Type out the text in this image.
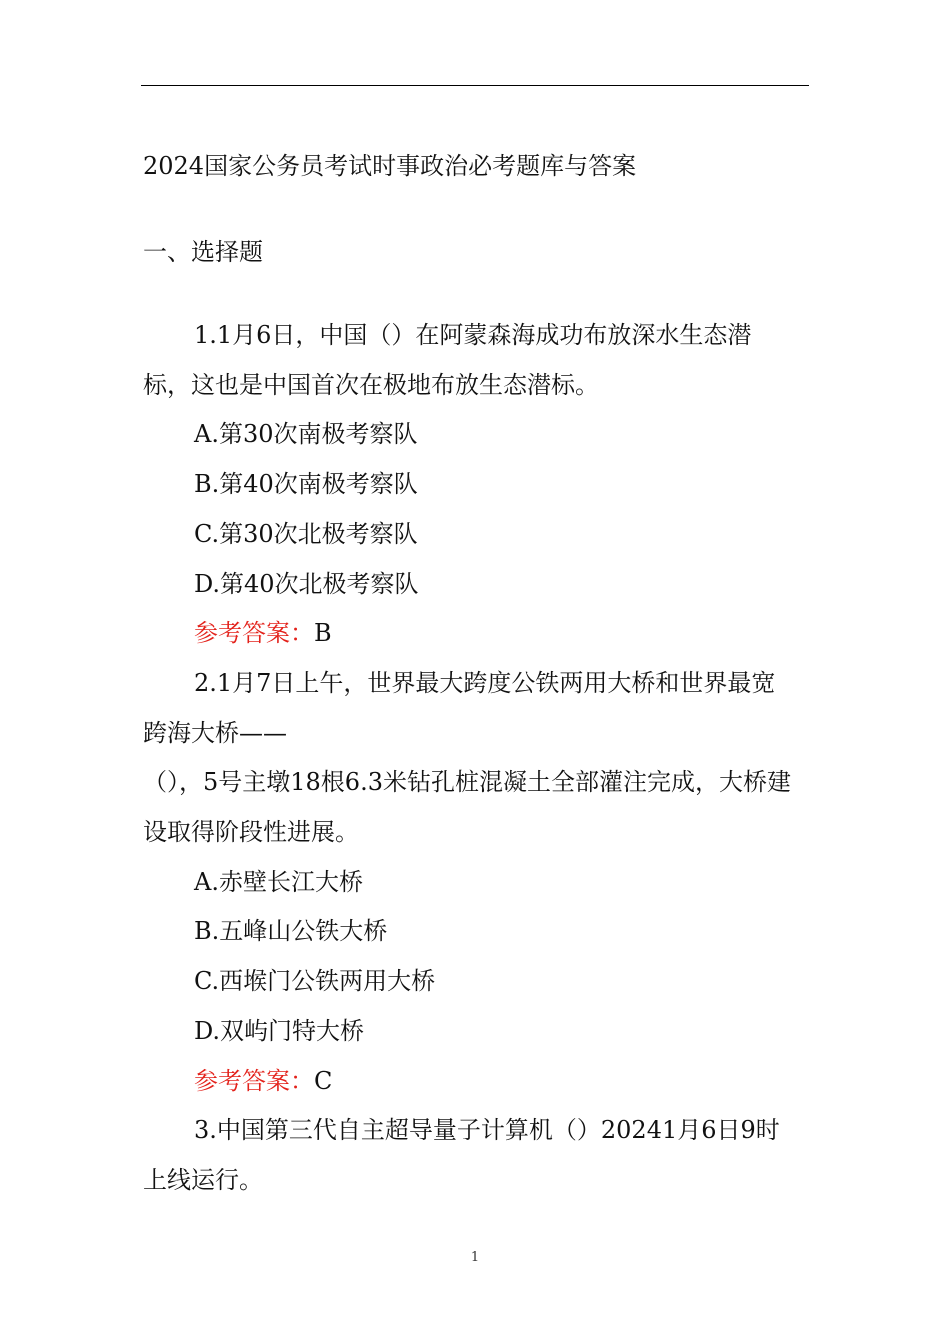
2024国家公务员考试时事政治必考题库与答案
一、选择题

1.1月6日，中国（）在阿蒙森海成功布放深水生态潜标，这也是中国首次在极地布放生态潜标。

A.第30次南极考察队

B.第40次南极考察队

C.第30次北极考察队

D.第40次北极考察队

参考答案：B

2.1月7日上午，世界最大跨度公铁两用大桥和世界最宽跨海大桥——

（），5号主墩18根6.3米钻孔桩混凝土全部灌注完成，大桥建设取得阶段性进展。

A.赤壁长江大桥

B.五峰山公铁大桥

C.西堠门公铁两用大桥

D.双屿门特大桥

参考答案：C

3.中国第三代自主超导量子计算机（）20241月6日9时上线运行。

1
